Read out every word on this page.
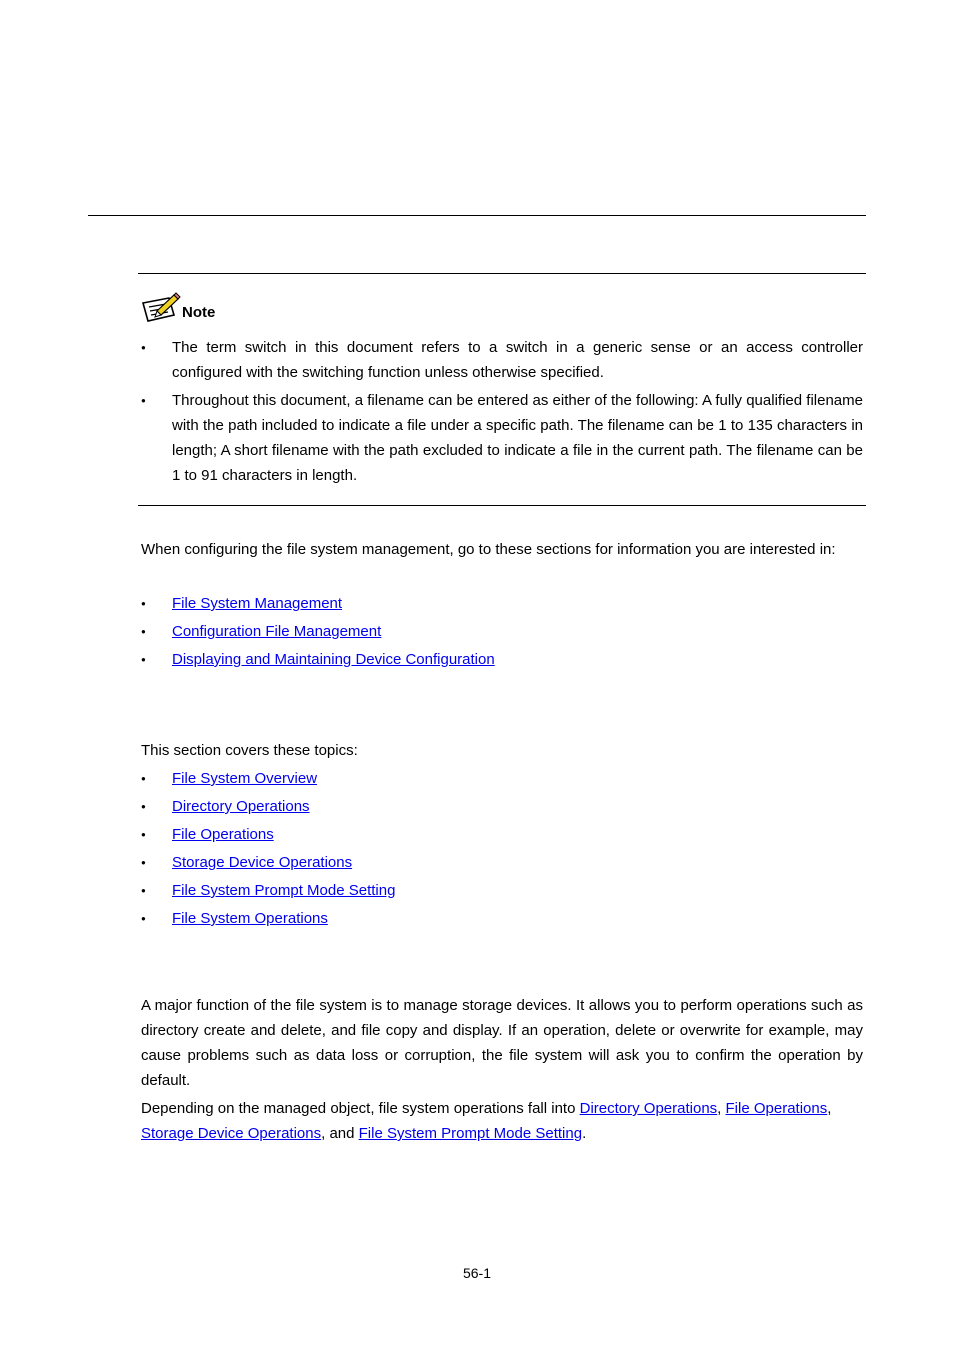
Note
● The term switch in this document refers to a switch in a generic sense or an access controller configured with the switching function unless otherwise specified.
● Throughout this document, a filename can be entered as either of the following: A fully qualified filename with the path included to indicate a file under a specific path. The filename can be 1 to 135 characters in length; A short filename with the path excluded to indicate a file in the current path. The filename can be 1 to 91 characters in length.
When configuring the file system management, go to these sections for information you are interested in:
● File System Management
● Configuration File Management
● Displaying and Maintaining Device Configuration
This section covers these topics:
● File System Overview
● Directory Operations
● File Operations
● Storage Device Operations
● File System Prompt Mode Setting
● File System Operations
A major function of the file system is to manage storage devices. It allows you to perform operations such as directory create and delete, and file copy and display. If an operation, delete or overwrite for example, may cause problems such as data loss or corruption, the file system will ask you to confirm the operation by default.
Depending on the managed object, file system operations fall into Directory Operations, File Operations,
Storage Device Operations, and File System Prompt Mode Setting.
56-1
